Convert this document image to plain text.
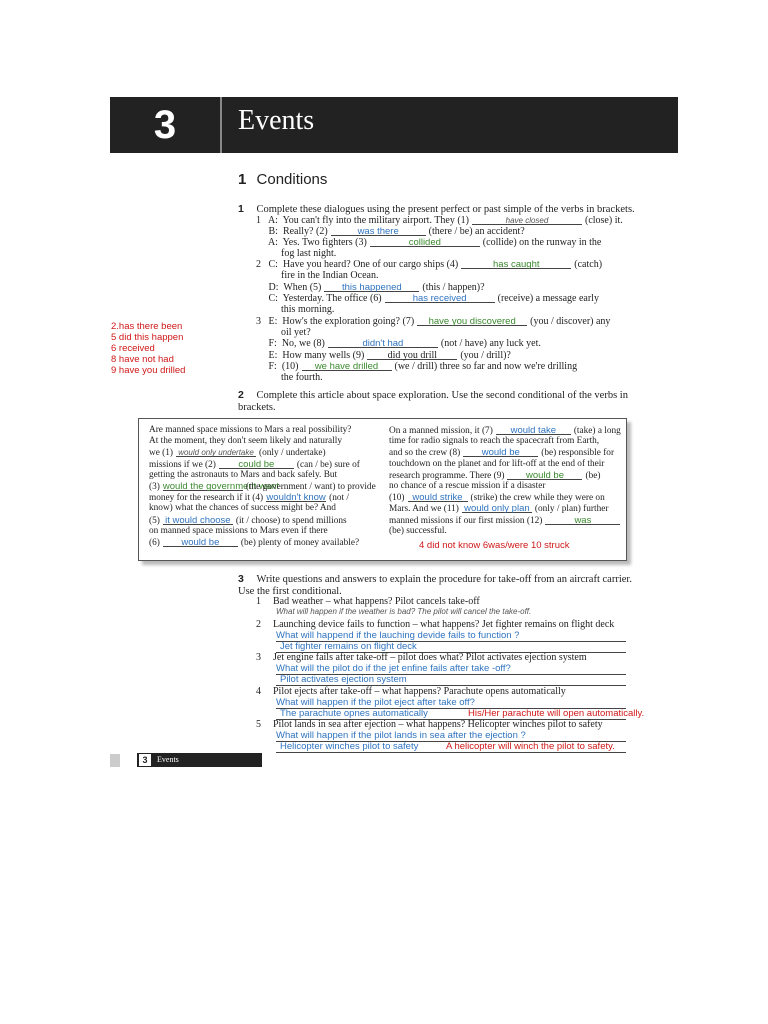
3	Events
1 Conditions
1 Complete these dialogues using the present perfect or past simple of the verbs in brackets.
1   A:  You can't fly into the military airport. They (1)	have closed	(close) it.
B:  Really? (2)	was there	(there / be) an accident?
A:  Yes. Two fighters (3)	collided	(collide) on the runway in the
fog last night.
2   C:  Have you heard? One of our cargo ships (4)	has caught	(catch)
fire in the Indian Ocean.
D:  When (5) this happened (this / happen)?
C:  Yesterday. The office (6)	has received	(receive) a message early
this morning.
3   E:  How's the exploration going? (7) have you discovered (you / discover) any
oil yet?
F:  No, we (8)	didn't had	(not / have) any luck yet.
E:  How many wells (9) did you drill (you / drill)?
F:  (10) we have drilled (we / drill) three so far and now we're drilling
the fourth.
2.has there been
5 did this happen
6 received
8 have not had
9 have you drilled
2 Complete this article about space exploration. Use the second conditional of the verbs in brackets.
Are manned space missions to Mars a real possibility?
At the moment, they don't seem likely and naturally
we (1) would only undertake (only / undertake)
missions if we (2) could be (can / be) sure of
getting the astronauts to Mars and back safely. But
(3) would the government want(the government / want) to provide
money for the research if it (4) wouldn't know (not /
know) what the chances of success might be? And
(5) it would choose (it / choose) to spend millions
on manned space missions to Mars even if there
(6) would be (be) plenty of money available?
On a manned mission, it (7) would take (take) a long
time for radio signals to reach the spacecraft from Earth,
and so the crew (8) would be (be) responsible for
touchdown on the planet and for lift-off at the end of their
research programme. There (9) would be (be)
no chance of a rescue mission if a disaster
(10) would strike (strike) the crew while they were on
Mars. And we (11) would only plan (only / plan) further
manned missions if our first mission (12)	was
(be) successful.
4 did not know 6was/were 10 struck
3 Write questions and answers to explain the procedure for take-off from an aircraft carrier. Use the first conditional.
1 Bad weather – what happens? Pilot cancels take-off
What will happen if the weather is bad? The pilot will cancel the take-off.
2 Launching device fails to function – what happens? Jet fighter remains on flight deck
What will happend if the lauching devide fails to function ?
Jet fighter remains on flight deck
3 Jet engine fails after take-off – pilot does what? Pilot activates ejection system
What will the pilot do if the jet enfine fails after take -off?
Pilot activates ejection system
4 Pilot ejects after take-off – what happens? Parachute opens automatically
What will happen if the pilot eject after take off?
The parachute opnes automatically	His/Her parachute will open automatically.
5 Pilot lands in sea after ejection – what happens? Helicopter winches pilot to safety
What will happen if the pilot lands in sea after the ejection ?
Helicopter winches pilot to safety	A helicopter will winch the pilot to safety.
3	Events
